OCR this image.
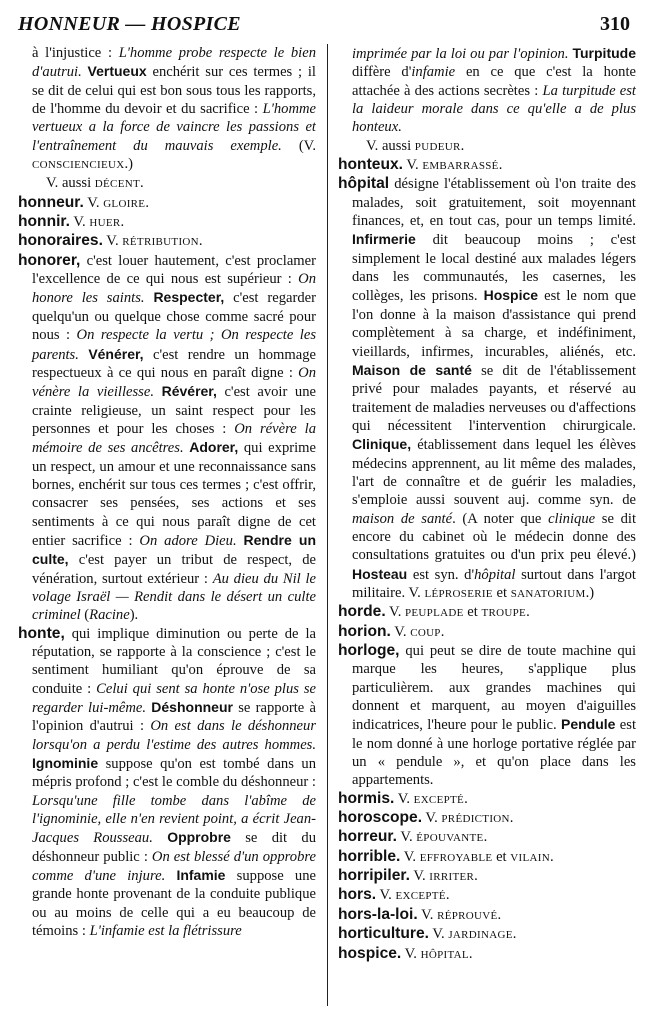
HONNEUR — HOSPICE	310

à l'injustice : L'homme probe respecte le bien d'autrui. Vertueux enchérit sur ces termes ; il se dit de celui qui est bon sous tous les rapports, de l'homme du devoir et du sacrifice : L'homme vertueux a la force de vaincre les passions et l'entraînement du mauvais exemple. (V. CONSCIENCIEUX.)

V. aussi DÉCENT.

honneur. V. GLOIRE.

honnir. V. HUER.

honoraires. V. RÉTRIBUTION.

honorer, c'est louer hautement, c'est proclamer l'excellence de ce qui nous est supérieur : On honore les saints. Respecter, c'est regarder quelqu'un ou quelque chose comme sacré pour nous : On respecte la vertu ; On respecte les parents. Vénérer, c'est rendre un hommage respectueux à ce qui nous en paraît digne : On vénère la vieillesse. Révérer, c'est avoir une crainte religieuse, un saint respect pour les personnes et pour les choses : On révère la mémoire de ses ancêtres. Adorer, qui exprime un respect, un amour et une reconnaissance sans bornes, enchérit sur tous ces termes ; c'est offrir, consacrer ses pensées, ses actions et ses sentiments à ce qui nous paraît digne de cet entier sacrifice : On adore Dieu. Rendre un culte, c'est payer un tribut de respect, de vénération, surtout extérieur : Au dieu du Nil le volage Israël — Rendit dans le désert un culte criminel (Racine).

honte, qui implique diminution ou perte de la réputation, se rapporte à la conscience ; c'est le sentiment humiliant qu'on éprouve de sa conduite : Celui qui sent sa honte n'ose plus se regarder lui-même. Déshonneur se rapporte à l'opinion d'autrui : On est dans le déshonneur lorsqu'on a perdu l'estime des autres hommes. Ignominie suppose qu'on est tombé dans un mépris profond ; c'est le comble du déshonneur : Lorsqu'une fille tombe dans l'abîme de l'ignominie, elle n'en revient point, a écrit Jean-Jacques Rousseau. Opprobre se dit du déshonneur public : On est blessé d'un opprobre comme d'une injure. Infamie suppose une grande honte provenant de la conduite publique ou au moins de celle qui a eu beaucoup de témoins : L'infamie est la flétrissure

imprimée par la loi ou par l'opinion. Turpitude diffère d'infamie en ce que c'est la honte attachée à des actions secrètes : La turpitude est la laideur morale dans ce qu'elle a de plus honteux.

V. aussi PUDEUR.

honteux. V. EMBARRASSÉ.

hôpital désigne l'établissement où l'on traite des malades, soit gratuitement, soit moyennant finances, et, en tout cas, pour un temps limité. Infirmerie dit beaucoup moins ; c'est simplement le local destiné aux malades légers dans les communautés, les casernes, les collèges, les prisons. Hospice est le nom que l'on donne à la maison d'assistance qui prend complètement à sa charge, et indéfiniment, vieillards, infirmes, incurables, aliénés, etc. Maison de santé se dit de l'établissement privé pour malades payants, et réservé au traitement de maladies nerveuses ou d'affections qui nécessitent l'intervention chirurgicale. Clinique, établissement dans lequel les élèves médecins apprennent, au lit même des malades, l'art de connaître et de guérir les maladies, s'emploie aussi souvent auj. comme syn. de maison de santé. (A noter que clinique se dit encore du cabinet où le médecin donne des consultations gratuites ou d'un prix peu élevé.) Hosteau est syn. d'hôpital surtout dans l'argot militaire. V. LÉPROSERIE et SANATORIUM.)

horde. V. PEUPLADE et TROUPE.

horion. V. COUP.

horloge, qui peut se dire de toute machine qui marque les heures, s'applique plus particulièrem. aux grandes machines qui donnent et marquent, au moyen d'aiguilles indicatrices, l'heure pour le public. Pendule est le nom donné à une horloge portative réglée par un « pendule », et qu'on place dans les appartements.

hormis. V. EXCEPTÉ.

horoscope. V. PRÉDICTION.

horreur. V. ÉPOUVANTE.

horrible. V. EFFROYABLE et VILAIN.

horripiler. V. IRRITER.

hors. V. EXCEPTÉ.

hors-la-loi. V. RÉPROUVÉ.

horticulture. V. JARDINAGE.

hospice. V. HÔPITAL.
